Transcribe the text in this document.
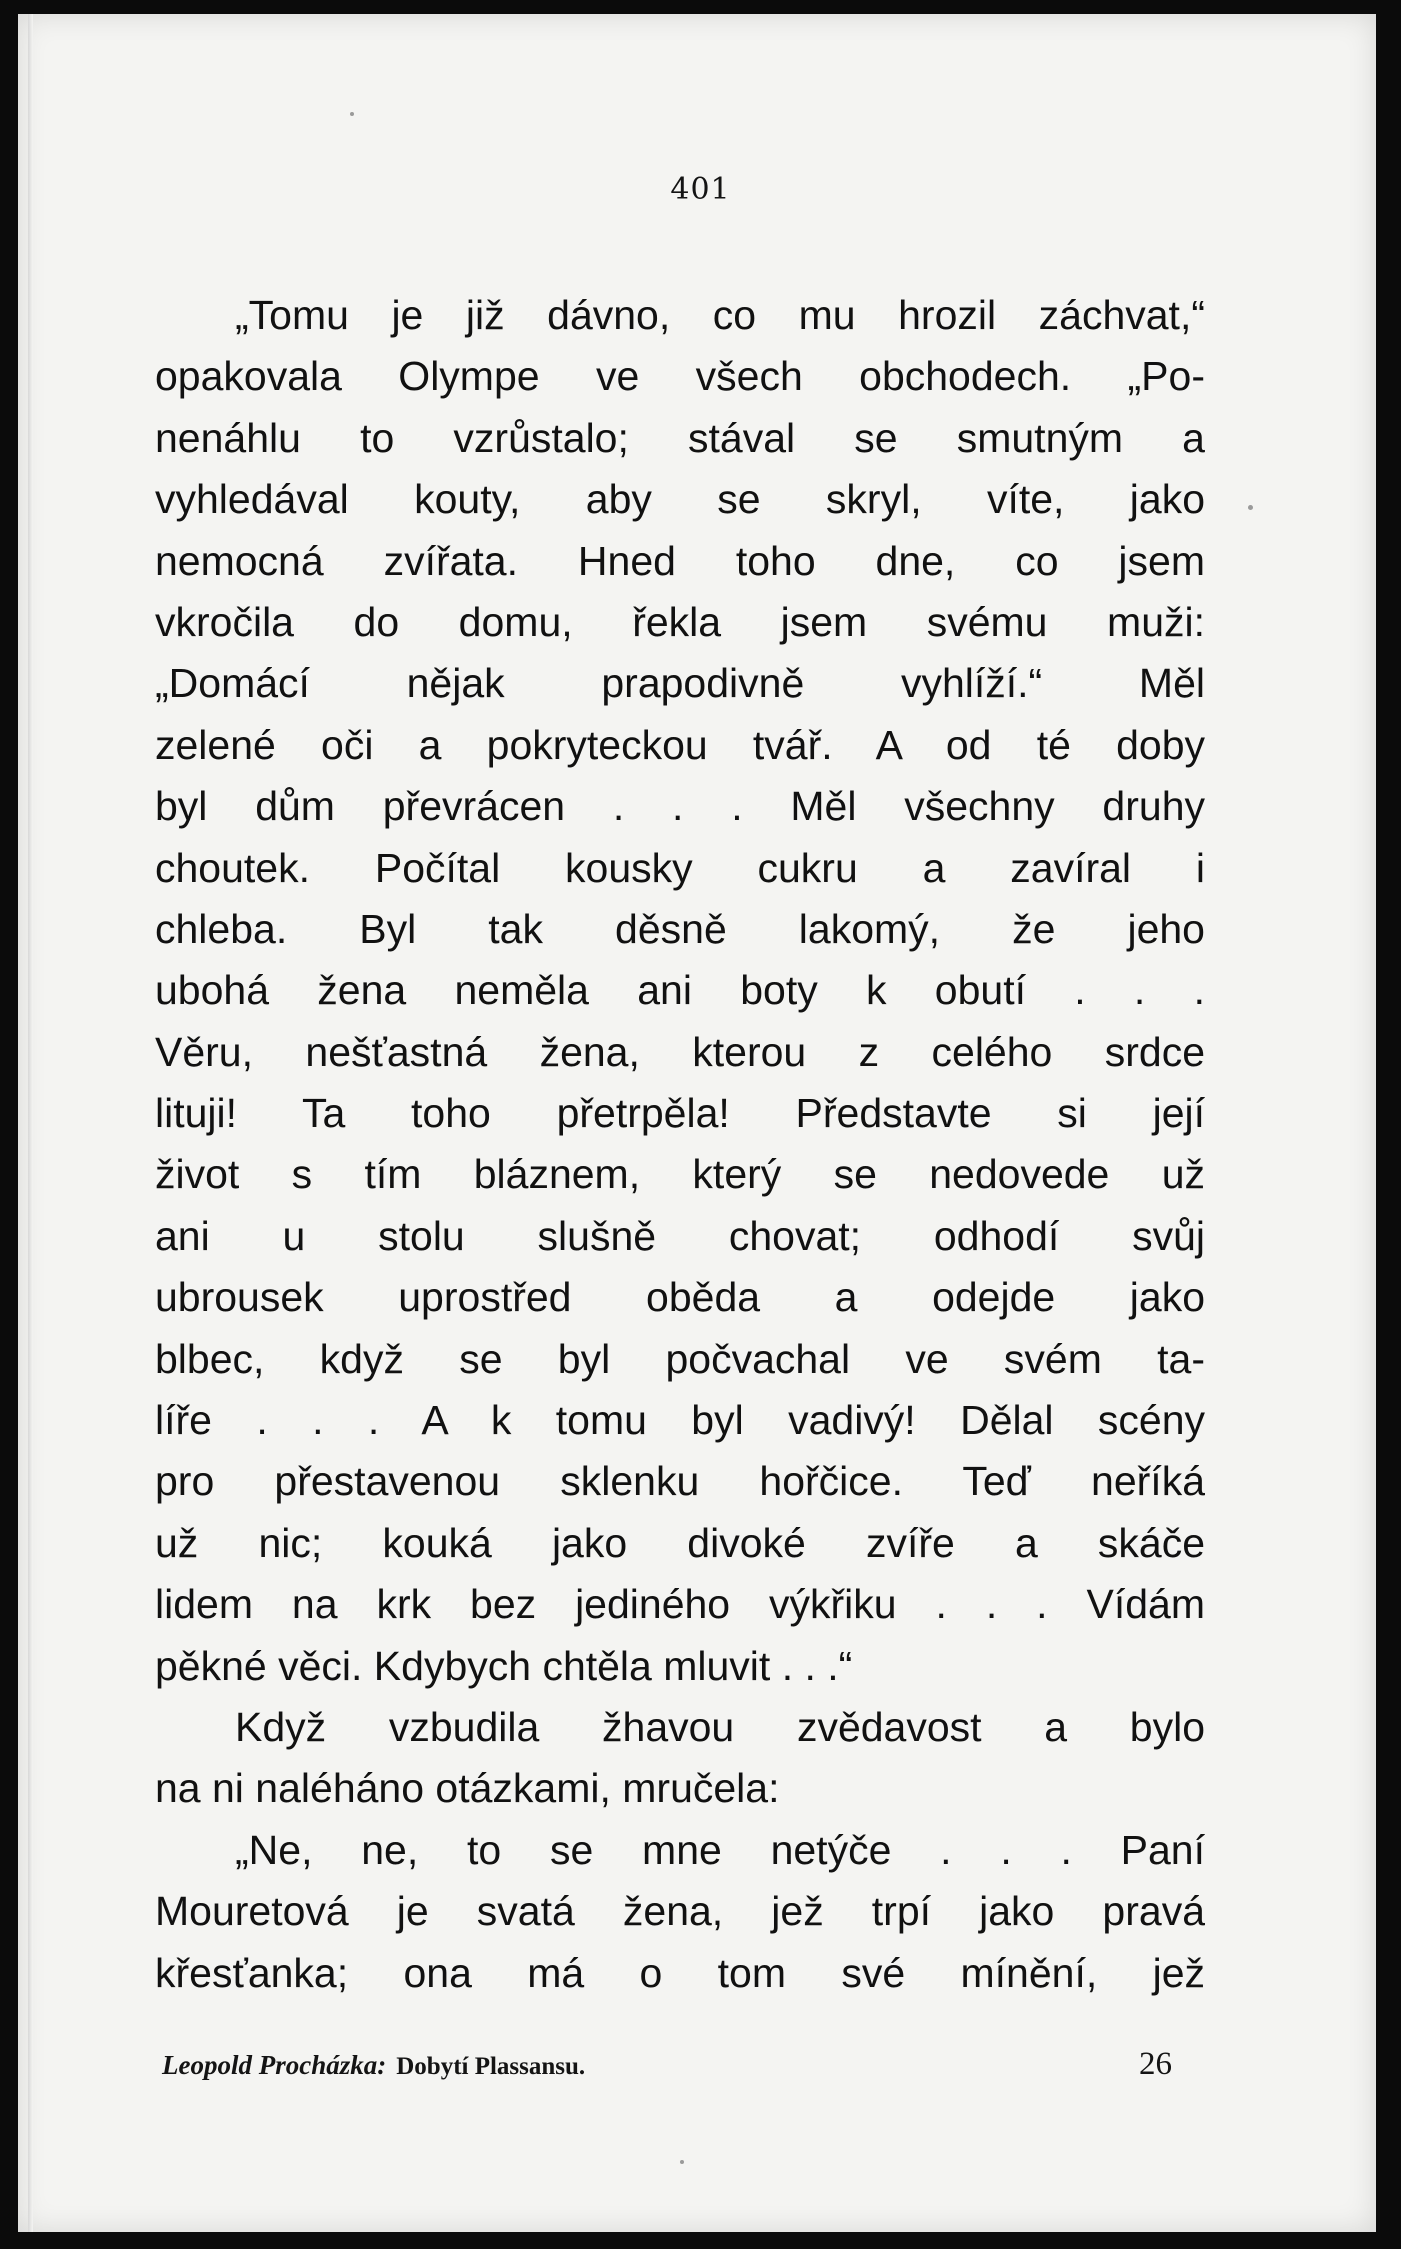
401
„Tomu je již dávno, co mu hrozil záchvat,“
opakovala Olympe ve všech obchodech. „Po-
nenáhlu to vzrůstalo; stával se smutným a
vyhledával kouty, aby se skryl, víte, jako
nemocná zvířata. Hned toho dne, co jsem
vkročila do domu, řekla jsem svému muži:
„Domácí nějak prapodivně vyhlíží.“ Měl
zelené oči a pokryteckou tvář. A od té doby
byl dům převrácen . . . Měl všechny druhy
choutek. Počítal kousky cukru a zavíral i
chleba. Byl tak děsně lakomý, že jeho
ubohá žena neměla ani boty k obutí . . .
Věru, nešťastná žena, kterou z celého srdce
lituji! Ta toho přetrpěla! Představte si její
život s tím bláznem, který se nedovede už
ani u stolu slušně chovat; odhodí svůj
ubrousek uprostřed oběda a odejde jako
blbec, když se byl počvachal ve svém ta-
líře . . . A k tomu byl vadivý! Dělal scény
pro přestavenou sklenku hořčice. Teď neříká
už nic; kouká jako divoké zvíře a skáče
lidem na krk bez jediného výkřiku . . . Vídám
pěkné věci. Kdybych chtěla mluvit . . .“
Když vzbudila žhavou zvědavost a bylo
na ni naléháno otázkami, mručela:
„Ne, ne, to se mne netýče . . . Paní
Mouretová je svatá žena, jež trpí jako pravá
křesťanka; ona má o tom své mínění, jež
Leopold Procházka: Dobytí Plassansu.	26
